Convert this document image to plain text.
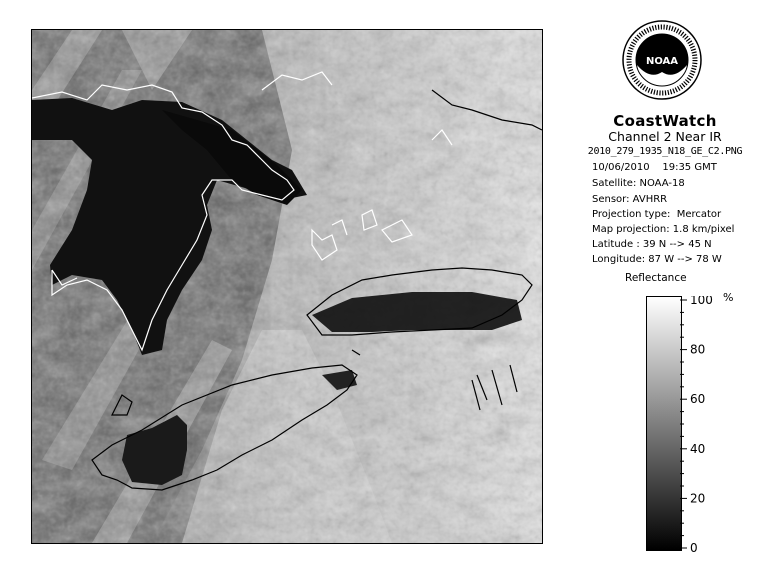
NOAA
CoastWatch
Channel 2 Near IR
2010_279_1935_N18_GE_C2.PNG
10/06/2010    19:35 GMT
Satellite: NOAA-18
Sensor: AVHRR
Projection type:  Mercator
Map projection: 1.8 km/pixel
Latitude : 39 N --> 45 N
Longitude: 87 W --> 78 W
Reflectance
%
100
80
60
40
20
0
